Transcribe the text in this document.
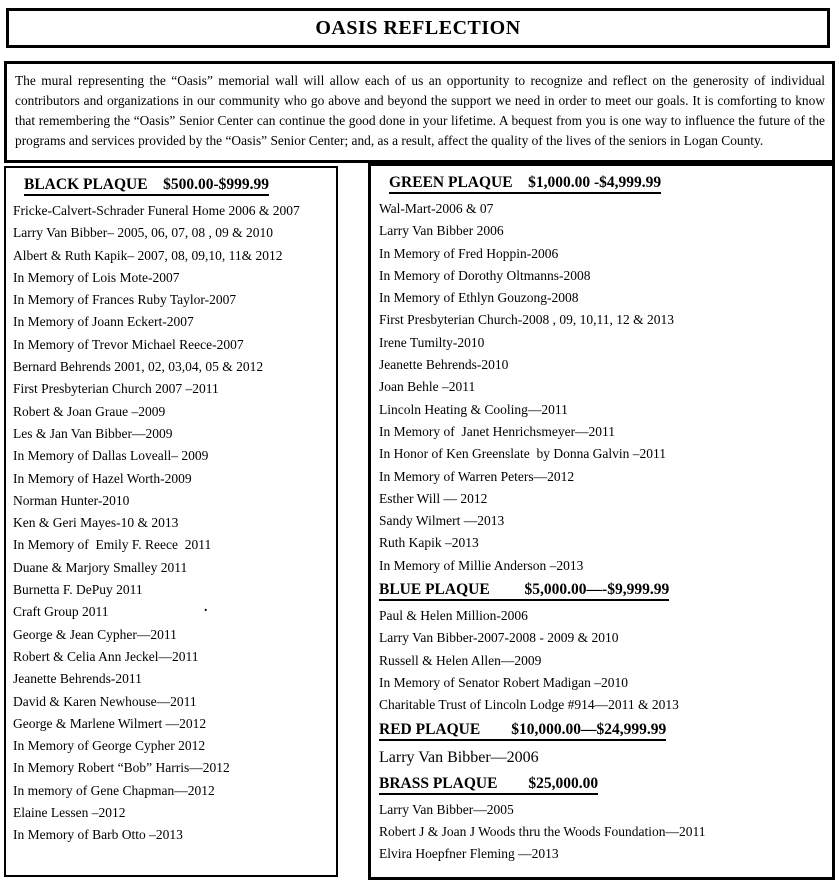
OASIS REFLECTION

The mural representing the “Oasis” memorial wall will allow each of us an opportunity to recognize and reflect on the generosity of individual contributors and organizations in our community who go above and beyond the support we need in order to meet our goals. It is comforting to know that remembering the “Oasis” Senior Center can continue the good done in your lifetime. A bequest from you is one way to influence the future of the programs and services provided by the “Oasis” Senior Center; and, as a result, affect the quality of the lives of the seniors in Logan County.

BLACK PLAQUE    $500.00-$999.99
Fricke-Calvert-Schrader Funeral Home 2006 & 2007
Larry Van Bibber– 2005, 06, 07, 08 , 09 & 2010
Albert & Ruth Kapik– 2007, 08, 09,10, 11& 2012
In Memory of Lois Mote-2007
In Memory of Frances Ruby Taylor-2007
In Memory of Joann Eckert-2007
In Memory of Trevor Michael Reece-2007
Bernard Behrends 2001, 02, 03,04, 05 & 2012
First Presbyterian Church 2007 –2011
Robert & Joan Graue –2009
Les & Jan Van Bibber—2009
In Memory of Dallas Loveall– 2009
In Memory of Hazel Worth-2009
Norman Hunter-2010
Ken & Geri Mayes-10 & 2013
In Memory of  Emily F. Reece  2011
Duane & Marjory Smalley 2011
Burnetta F. DePuy 2011
Craft Group 2011
George & Jean Cypher—2011
Robert & Celia Ann Jeckel—2011
Jeanette Behrends-2011
David & Karen Newhouse—2011
George & Marlene Wilmert —2012
In Memory of George Cypher 2012
In Memory Robert “Bob” Harris—2012
In memory of Gene Chapman—2012
Elaine Lessen –2012
In Memory of Barb Otto –2013
GREEN PLAQUE    $1,000.00 -$4,999.99
Wal-Mart-2006 & 07
Larry Van Bibber 2006
In Memory of Fred Hoppin-2006
In Memory of Dorothy Oltmanns-2008
In Memory of Ethlyn Gouzong-2008
First Presbyterian Church-2008 , 09, 10,11, 12 & 2013
Irene Tumilty-2010
Jeanette Behrends-2010
Joan Behle –2011
Lincoln Heating & Cooling—2011
In Memory of  Janet Henrichsmeyer—2011
In Honor of Ken Greenslate  by Donna Galvin –2011
In Memory of Warren Peters—2012
Esther Will — 2012
Sandy Wilmert —2013
Ruth Kapik –2013
In Memory of Millie Anderson –2013
BLUE PLAQUE         $5,000.00—-$9,999.99
Paul & Helen Million-2006
Larry Van Bibber-2007-2008 - 2009 & 2010
Russell & Helen Allen—2009
In Memory of Senator Robert Madigan –2010
Charitable Trust of Lincoln Lodge #914—2011 & 2013
RED PLAQUE        $10,000.00—$24,999.99
Larry Van Bibber—2006
BRASS PLAQUE        $25,000.00
Larry Van Bibber—2005
Robert J & Joan J Woods thru the Woods Foundation—2011
Elvira Hoepfner Fleming —2013
.
